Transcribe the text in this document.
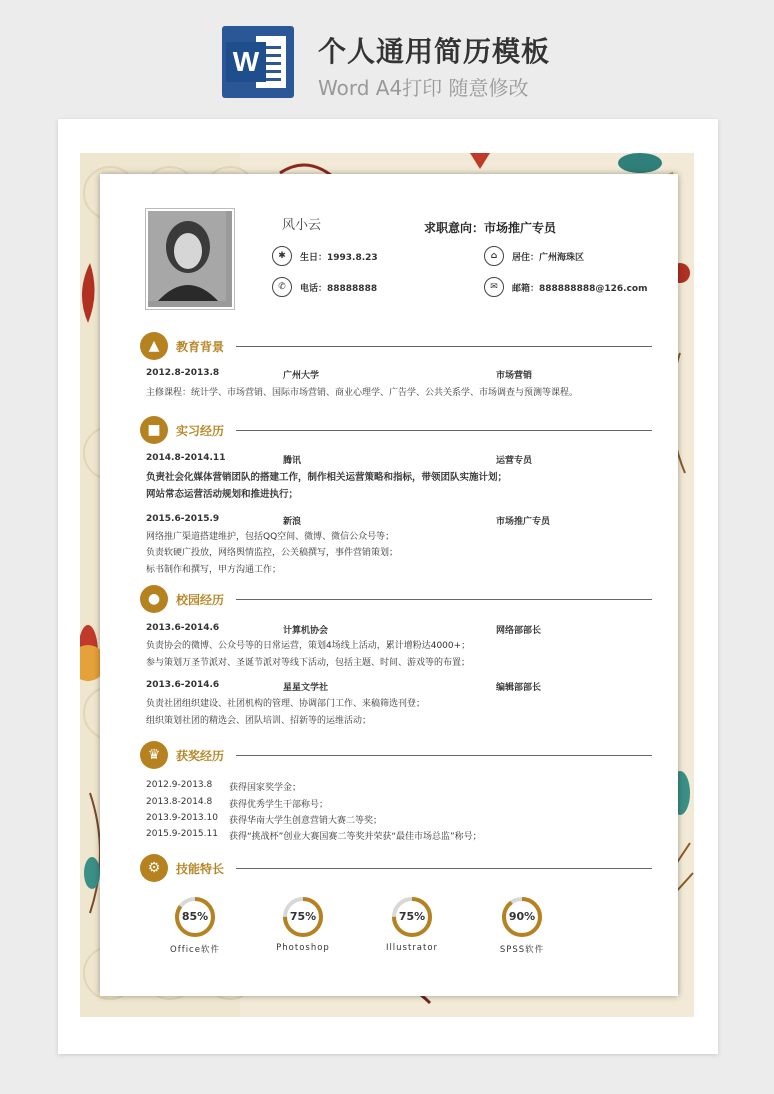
W 个人通用简历模板
Word A4打印 随意修改
风小云	求职意向：市场推广专员
✱	生日：1993.8.23	⌂	居住：广州海珠区
✆	电话：88888888	✉	邮箱：888888888@126.com
▲	教育背景
2012.8-2013.8	广州大学	市场营销
主修课程：统计学、市场营销、国际市场营销、商业心理学、广告学、公共关系学、市场调查与预测等课程。
■	实习经历
2014.8-2014.11	腾讯	运营专员
负责社会化媒体营销团队的搭建工作，制作相关运营策略和指标，带领团队实施计划；
网站常态运营活动规划和推进执行；
2015.6-2015.9	新浪	市场推广专员
网络推广渠道搭建维护，包括QQ空间、微博、微信公众号等；
负责软硬广投放，网络舆情监控，公关稿撰写，事件营销策划；
标书制作和撰写，甲方沟通工作；
●	校园经历
2013.6-2014.6	计算机协会	网络部部长
负责协会的微博、公众号等的日常运营，策划4场线上活动，累计增粉达4000+；
参与策划万圣节派对、圣诞节派对等线下活动，包括主题、时间、游戏等的布置；
2013.6-2014.6	星星文学社	编辑部部长
负责社团组织建设、社团机构的管理、协调部门工作、来稿筛选刊登；
组织策划社团的精选会、团队培训、招新等的运维活动；
♛	获奖经历
2012.9-2013.8 获得国家奖学金；
2013.8-2014.8 获得优秀学生干部称号；
2013.9-2013.10 获得华南大学生创意营销大赛二等奖；
2015.9-2015.11 获得“挑战杯”创业大赛国赛二等奖并荣获“最佳市场总监”称号；
⚙	技能特长
85%
Office软件
75%
Photoshop
75%
Illustrator
90%
SPSS软件
